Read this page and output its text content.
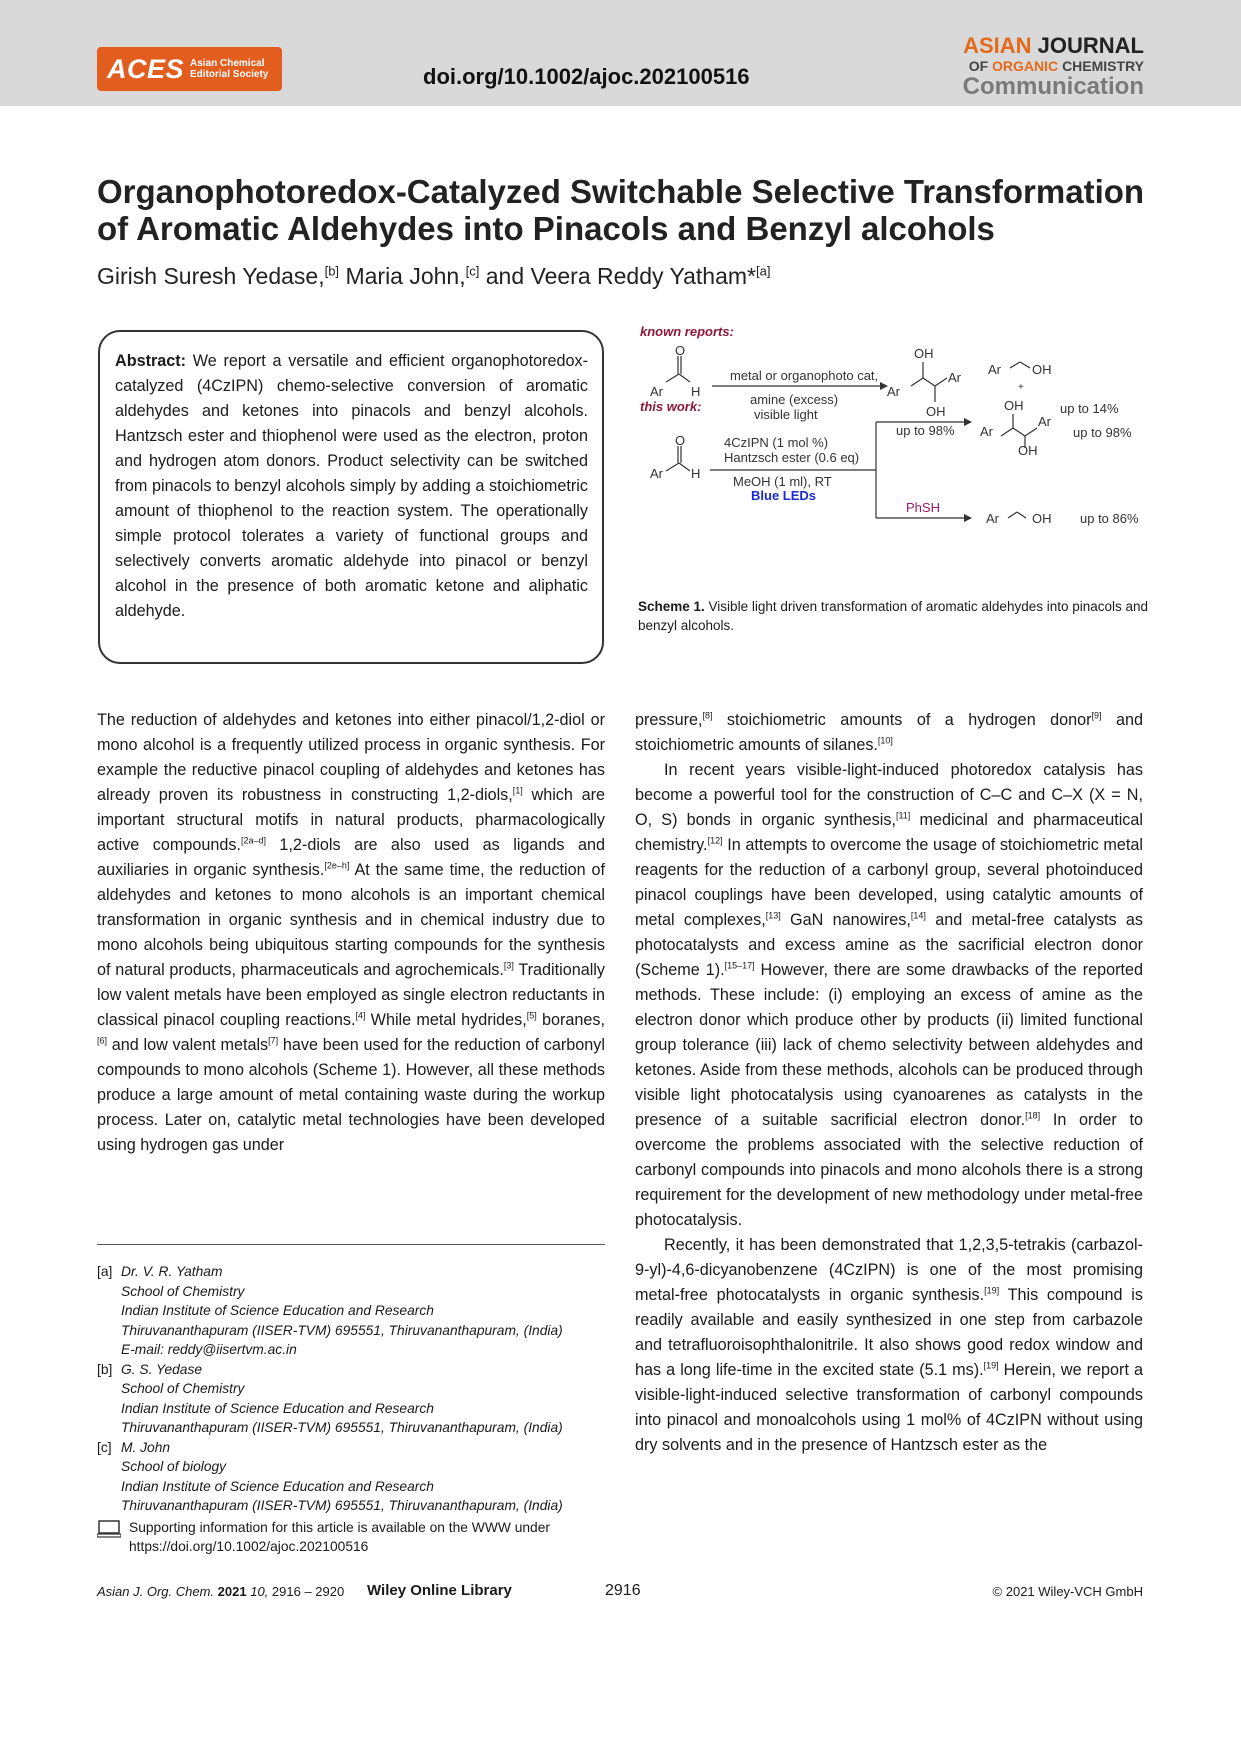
ACES Asian Chemical
Editorial Society	doi.org/10.1002/ajoc.202100516
ASIAN JOURNAL
OF ORGANIC CHEMISTRY
Communication
Organophotoredox-Catalyzed Switchable Selective Transformation of Aromatic Aldehydes into Pinacols and Benzyl alcohols
Girish Suresh Yedase,[b] Maria John,[c] and Veera Reddy Yatham*[a]
Abstract: We report a versatile and efficient organophotoredox-catalyzed (4CzIPN) chemo-selective conversion of aromatic aldehydes and ketones into pinacols and benzyl alcohols. Hantzsch ester and thiophenol were used as the electron, proton and hydrogen atom donors. Product selectivity can be switched from pinacols to benzyl alcohols simply by adding a stoichiometric amount of thiophenol to the reaction system. The operationally simple protocol tolerates a variety of functional groups and selectively converts aromatic aldehyde into pinacol or benzyl alcohol in the presence of both aromatic ketone and aliphatic aldehyde.
known reports:
O
Ar H
metal or organophoto cat,
amine (excess)
visible light
OH
Ar
Ar
OH
up to 98%
+
Ar OH
up to 14%
this work:
O
Ar H
4CzIPN (1 mol %)
Hantzsch ester (0.6 eq)
MeOH (1 ml), RT
Blue LEDs
PhSH
OH
Ar
Ar
OH
up to 98%
Ar	OH up to 86%
Scheme 1. Visible light driven transformation of aromatic aldehydes into pinacols and benzyl alcohols.

The reduction of aldehydes and ketones into either pinacol/1,2-diol or mono alcohol is a frequently utilized process in organic synthesis. For example the reductive pinacol coupling of aldehydes and ketones has already proven its robustness in constructing 1,2-diols,[1] which are important structural motifs in natural products, pharmacologically active compounds.[2a–d] 1,2-diols are also used as ligands and auxiliaries in organic synthesis.[2e–h] At the same time, the reduction of aldehydes and ketones to mono alcohols is an important chemical transformation in organic synthesis and in chemical industry due to mono alcohols being ubiquitous starting compounds for the synthesis of natural products, pharmaceuticals and agrochemicals.[3] Traditionally low valent metals have been employed as single electron reductants in classical pinacol coupling reactions.[4] While metal hydrides,[5] boranes,[6] and low valent metals[7] have been used for the reduction of carbonyl compounds to mono alcohols (Scheme 1). However, all these methods produce a large amount of metal containing waste during the workup process. Later on, catalytic metal technologies have been developed using hydrogen gas under

pressure,[8] stoichiometric amounts of a hydrogen donor[9] and stoichiometric amounts of silanes.[10]

In recent years visible-light-induced photoredox catalysis has become a powerful tool for the construction of C–C and C–X (X = N, O, S) bonds in organic synthesis,[11] medicinal and pharmaceutical chemistry.[12] In attempts to overcome the usage of stoichiometric metal reagents for the reduction of a carbonyl group, several photoinduced pinacol couplings have been developed, using catalytic amounts of metal complexes,[13] GaN nanowires,[14] and metal-free catalysts as photocatalysts and excess amine as the sacrificial electron donor (Scheme 1).[15–17] However, there are some drawbacks of the reported methods. These include: (i) employing an excess of amine as the electron donor which produce other by products (ii) limited functional group tolerance (iii) lack of chemo selectivity between aldehydes and ketones. Aside from these methods, alcohols can be produced through visible light photocatalysis using cyanoarenes as catalysts in the presence of a suitable sacrificial electron donor.[18] In order to overcome the problems associated with the selective reduction of carbonyl compounds into pinacols and mono alcohols there is a strong requirement for the development of new methodology under metal-free photocatalysis.

Recently, it has been demonstrated that 1,2,3,5-tetrakis (carbazol-9-yl)-4,6-dicyanobenzene (4CzIPN) is one of the most promising metal-free photocatalysts in organic synthesis.[19] This compound is readily available and easily synthesized in one step from carbazole and tetrafluoroisophthalonitrile. It also shows good redox window and has a long life-time in the excited state (5.1 ms).[19] Herein, we report a visible-light-induced selective transformation of carbonyl compounds into pinacol and monoalcohols using 1 mol% of 4CzIPN without using dry solvents and in the presence of Hantzsch ester as the

[a] Dr. V. R. Yatham
School of Chemistry
Indian Institute of Science Education and Research
Thiruvananthapuram (IISER-TVM) 695551, Thiruvananthapuram, (India)
E-mail: reddy@iisertvm.ac.in
[b] G. S. Yedase
School of Chemistry
Indian Institute of Science Education and Research
Thiruvananthapuram (IISER-TVM) 695551, Thiruvananthapuram, (India)
[c] M. John
School of biology
Indian Institute of Science Education and Research
Thiruvananthapuram (IISER-TVM) 695551, Thiruvananthapuram, (India)
Supporting information for this article is available on the WWW under https://doi.org/10.1002/ajoc.202100516
Asian J. Org. Chem. 2021 10, 2916 – 2920 Wiley Online Library	2916	© 2021 Wiley-VCH GmbH
